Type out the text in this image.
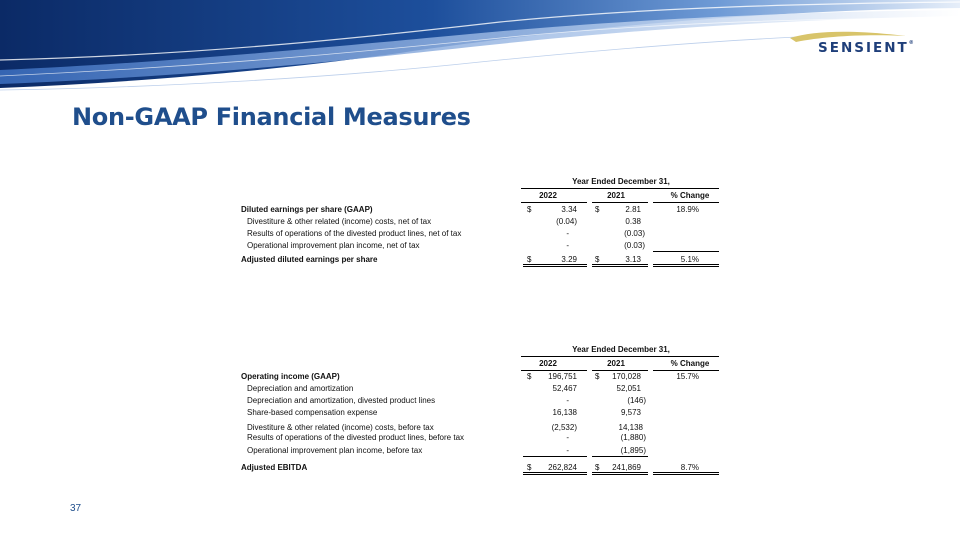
SENSIENT®
Non-GAAP Financial Measures
Year Ended December 31,
2022	2021	% Change
Diluted earnings per share (GAAP)	$	3.34 $	2.81	18.9%
Divestiture & other related (income) costs, net of tax	(0.04)	0.38
Results of operations of the divested product lines, net of tax	-	(0.03)
Operational improvement plan income, net of tax	-	(0.03)
Adjusted diluted earnings per share	$	3.29 $	3.13	5.1%
Year Ended December 31,
2022	2021	% Change
Operating income (GAAP)	$	196,751 $	170,028	15.7%
Depreciation and amortization	52,467	52,051
Depreciation and amortization, divested product lines	-	(146)
Share-based compensation expense	16,138	9,573
Divestiture & other related (income) costs, before tax	(2,532)	14,138
Results of operations of the divested product lines, before tax	-	(1,880)
Operational improvement plan income, before tax	-	(1,895)
Adjusted EBITDA	$	262,824 $	241,869	8.7%
37
